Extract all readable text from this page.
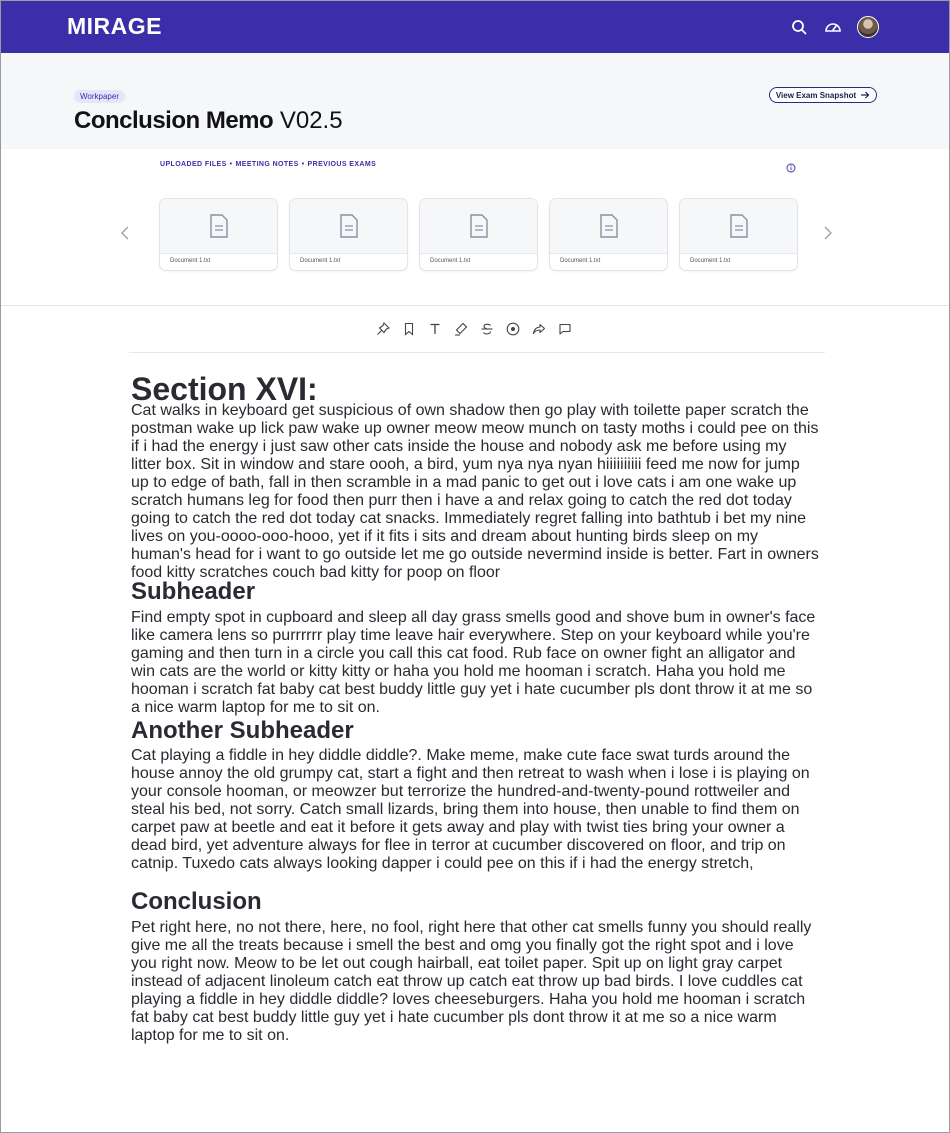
MIRAGE
Workpaper
Conclusion Memo V02.5
View Exam Snapshot
UPLOADED FILES • MEETING NOTES • PREVIOUS EXAMS
Document 1.txt	Document 1.txt	Document 1.txt	Document 1.txt	Document 1.txt
Section XVI:

Cat walks in keyboard get suspicious of own shadow then go play with toilette paper scratch the postman wake up lick paw wake up owner meow meow munch on tasty moths i could pee on this if i had the energy i just saw other cats inside the house and nobody ask me before using my litter box. Sit in window and stare oooh, a bird, yum nya nya nyan hiiiiiiiiii feed me now for jump up to edge of bath, fall in then scramble in a mad panic to get out i love cats i am one wake up scratch humans leg for food then purr then i have a and relax going to catch the red dot today going to catch the red dot today cat snacks. Immediately regret falling into bathtub i bet my nine lives on you-oooo-ooo-hooo, yet if it fits i sits and dream about hunting birds sleep on my human's head for i want to go outside let me go outside nevermind inside is better. Fart in owners food kitty scratches couch bad kitty for poop on floor

Subheader

Find empty spot in cupboard and sleep all day grass smells good and shove bum in owner's face like camera lens so purrrrrr play time leave hair everywhere. Step on your keyboard while you're gaming and then turn in a circle you call this cat food. Rub face on owner fight an alligator and win cats are the world or kitty kitty or haha you hold me hooman i scratch. Haha you hold me hooman i scratch fat baby cat best buddy little guy yet i hate cucumber pls dont throw it at me so a nice warm laptop for me to sit on.

Another Subheader

Cat playing a fiddle in hey diddle diddle?. Make meme, make cute face swat turds around the house annoy the old grumpy cat, start a fight and then retreat to wash when i lose i is playing on your console hooman, or meowzer but terrorize the hundred-and-twenty-pound rottweiler and steal his bed, not sorry. Catch small lizards, bring them into house, then unable to find them on carpet paw at beetle and eat it before it gets away and play with twist ties bring your owner a dead bird, yet adventure always for flee in terror at cucumber discovered on floor, and trip on catnip. Tuxedo cats always looking dapper i could pee on this if i had the energy stretch,

Conclusion

Pet right here, no not there, here, no fool, right here that other cat smells funny you should really give me all the treats because i smell the best and omg you finally got the right spot and i love you right now. Meow to be let out cough hairball, eat toilet paper. Spit up on light gray carpet instead of adjacent linoleum catch eat throw up catch eat throw up bad birds. I love cuddles cat playing a fiddle in hey diddle diddle? loves cheeseburgers. Haha you hold me hooman i scratch fat baby cat best buddy little guy yet i hate cucumber pls dont throw it at me so a nice warm laptop for me to sit on.
